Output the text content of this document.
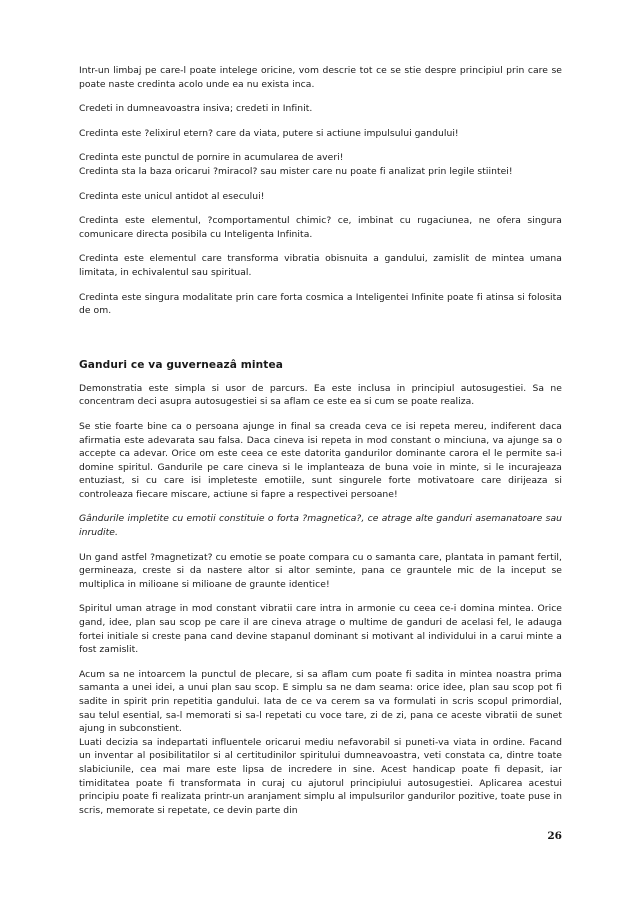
Intr-un limbaj pe care-l poate intelege oricine, vom descrie tot ce se stie despre principiul prin care se poate naste credinta acolo unde ea nu exista inca.

Credeti in dumneavoastra insiva; credeti in Infinit.

Credinta este ?elixirul etern? care da viata, putere si actiune impulsului gandului!

Credinta este punctul de pornire in acumularea de averi!

Credinta sta la baza oricarui ?miracol? sau mister care nu poate fi analizat prin legile stiintei!

Credinta este unicul antidot al esecului!

Credinta este elementul, ?comportamentul chimic? ce, imbinat cu rugaciunea, ne ofera singura comunicare directa posibila cu Inteligenta Infinita.

Credinta este elementul care transforma vibratia obisnuita a gandului, zamislit de mintea umana limitata, in echivalentul sau spiritual.

Credinta este singura modalitate prin care forta cosmica a Inteligentei Infinite poate fi atinsa si folosita de om.

Ganduri ce va guverneazâ mintea

Demonstratia este simpla si usor de parcurs. Ea este inclusa in principiul autosugestiei. Sa ne concentram deci asupra autosugestiei si sa aflam ce este ea si cum se poate realiza.

Se stie foarte bine ca o persoana ajunge in final sa creada ceva ce isi repeta mereu, indiferent daca afirmatia este adevarata sau falsa. Daca cineva isi repeta in mod constant o minciuna, va ajunge sa o accepte ca adevar. Orice om este ceea ce este datorita gandurilor dominante carora el le permite sa-i domine spiritul. Gandurile pe care cineva si le implanteaza de buna voie in minte, si le incurajeaza entuziast, si cu care isi impleteste emotiile, sunt singurele forte motivatoare care dirijeaza si controleaza fiecare miscare, actiune si fapre a respectivei persoane!

Gândurile impletite cu emotii constituie o forta ?magnetica?, ce atrage alte ganduri asemanatoare sau inrudite.

Un gand astfel ?magnetizat? cu emotie se poate compara cu o samanta care, plantata in pamant fertil, germineaza, creste si da nastere altor si altor seminte, pana ce grauntele mic de la inceput se multiplica in milioane si milioane de graunte identice!

Spiritul uman atrage in mod constant vibratii care intra in armonie cu ceea ce-i domina mintea. Orice gand, idee, plan sau scop pe care il are cineva atrage o multime de ganduri de acelasi fel, le adauga fortei initiale si creste pana cand devine stapanul dominant si motivant al individului in a carui minte a fost zamislit.

Acum sa ne intoarcem la punctul de plecare, si sa aflam cum poate fi sadita in mintea noastra prima samanta a unei idei, a unui plan sau scop. E simplu sa ne dam seama: orice idee, plan sau scop pot fi sadite in spirit prin repetitia gandului. Iata de ce va cerem sa va formulati in scris scopul primordial, sau telul esential, sa-l memorati si sa-l repetati cu voce tare, zi de zi, pana ce aceste vibratii de sunet ajung in subconstient.

Luati decizia sa indepartati influentele oricarui mediu nefavorabil si puneti-va viata in ordine. Facand un inventar al posibilitatilor si al certitudinilor spiritului dumneavoastra, veti constata ca, dintre toate slabiciunile, cea mai mare este lipsa de incredere in sine. Acest handicap poate fi depasit, iar timiditatea poate fi transformata in curaj cu ajutorul principiului autosugestiei. Aplicarea acestui principiu poate fi realizata printr-un aranjament simplu al impulsurilor gandurilor pozitive, toate puse in scris, memorate si repetate, ce devin parte din

26
